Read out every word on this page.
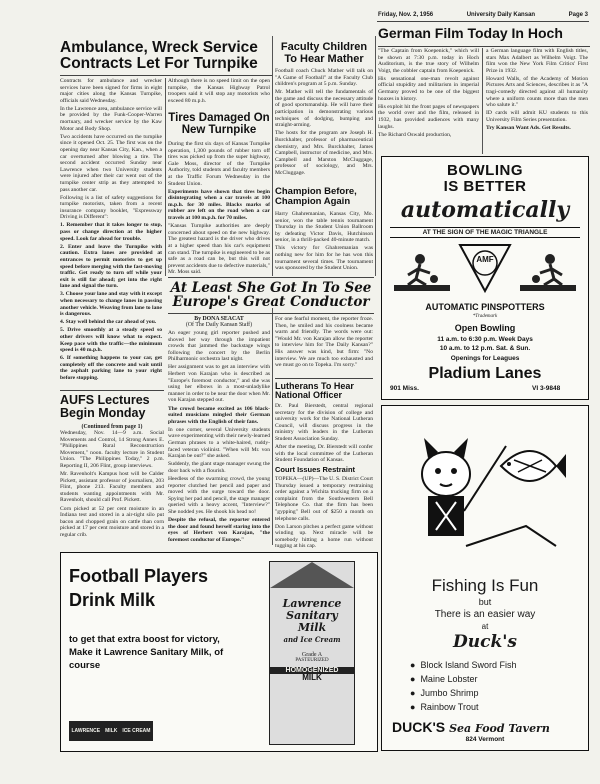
Friday, Nov. 2, 1956	University Daily Kansan	Page 3
Ambulance, Wreck Service Contracts Let For Turnpike

Contracts for ambulance and wrecker services have been signed for firms in eight major cities along the Kansas Turnpike, officials said Wednesday.

In the Lawrence area, ambulance service will be provided by the Funk-Cooper-Warren mortuary, and wrecker service by the Kaw Motor and Body Shop.

Two accidents have occurred on the turnpike since it opened Oct. 25. The first was on the opening day near Kansas City, Kan., when a car overturned after blowing a tire. The second accident occurred Sunday near Lawrence when two University students were injured after their car went out of the turnpike center strip as they attempted to pass another car.

Following is a list of safety suggestions for turnpike motorists, taken from a recent insurance company booklet, "Expressway Driving is Different":

1. Remember that it takes longer to stop, pass or change direction at the higher speed. Look far ahead for trouble.

2. Enter and leave the Turnpike with caution. Extra lanes are provided at entrances to permit motorists to get up speed before merging with the fast-moving traffic. Get ready to turn off while your exit is still far ahead; get into the right lane and signal the turn.

3. Choose your lane and stay with it except when necessary to change lanes in passing another vehicle. Weaving from lane to lane is dangerous.

4. Stay well behind the car ahead of you.

5. Drive smoothly at a steady speed so other drivers will know what to expect. Keep pace with the traffic—the minimum speed is 40 m.p.h.

6. If something happens to your car, get completely off the concrete and wait until the asphalt parking lane to your right before stopping.

Although there is no speed limit on the open turnpike, the Kansas Highway Patrol troopers said it will stop any motorists who exceed 80 m.p.h.

Tires Damaged On New Turnpike

During the first six days of Kansas Turnpike operation, 1,300 pounds of rubber torn off tires was picked up from the super highway, Gale Moss, director of the Turnpike Authority, told students and faculty members at the Traffic Forum Wednesday in the Student Union.

Experiments have shown that tires begin disintegrating when a car travels at 100 m.p.h. for 30 miles. Blacks marks of rubber are left on the road when a car travels at 100 m.p.h. for 70 miles.

"Kansas Turnpike authorities are deeply concerned about speed on the new highway. The greatest hazard is the driver who drives at a higher speed than his car's equipment can stand. The turnpike is engineered to be as safe as a road can be, but this will not prevent accidents due to defective materials," Mr. Moss said.

Faculty Children To Hear Mather

Football coach Chuck Mather will talk on "A Game of Football" at the Faculty Club children's program at 5 p.m. Sunday.

Mr. Mather will tell the fundamentals of the game and discuss the necessary attitude of good sportsmanship. He will have their participation in demonstrating various techniques of dodging, bumping and straight-arming.

The hosts for the program are Joseph H. Burckhalter, professor of pharmaceutical chemistry, and Mrs. Burckhalter, James Campbell, instructor of medicine, and Mrs. Campbell and Marston McCluggage, professor of sociology, and Mrs. McCluggage.

Champion Before, Champion Again

Harry Ghahremanian, Kansas City, Mo. senior, won the table tennis tournament Thursday in the Student Union Ballroom by defeating Victor Davis, Hutchinson senior, in a thrill-packed 40-minute match.

This victory for Ghahremanian was nothing new for him for he has won this tournament several times. The tournament was sponsored by the Student Union.

German Film Today In Hoch

"The Captain from Koepenick," which will be shown at 7:30 p.m. today in Hoch Auditorium, is the true story of Wilhelm Voigt, the cobbler captain from Koepenick.

His sensational one-man revolt against official stupidity and militarism in imperial Germany proved to be one of the biggest hoaxes in history.

His exploit hit the front pages of newspapers the world over and the film, released in 1932, has provided audiences with many laughs.

The Richard Oswald production,

a German language film with English titles, stars Max Adalbert as Wilhelm Voigt. The film won the New York Film Critics' First Prize in 1932.

Howard Walls, of the Academy of Motion Pictures Arts and Sciences, describes it as "A tragi-comedy directed against all humanity where a uniform counts more than the men who salute it."

ID cards will admit KU students to this University Film Series presentation.

Try Kansan Want Ads. Get Results.

BOWLING
IS BETTER
automatically
AT THE SIGN OF THE MAGIC TRIANGLE
AMF
AUTOMATIC PINSPOTTERS
*Trademark
Open Bowling
11 a.m. to 6:30 p.m. Week Days
10 a.m. to 12 p.m. Sat. & Sun.
Openings for Leagues
Pladium Lanes
901 Miss.	VI 3-9848
At Least She Got In To See Europe's Great Conductor
By DONA SEACAT
(Of The Daily Kansan Staff)

An eager young girl reporter pushed and shoved her way through the impatient crowds that jammed the backstage wings following the concert by the Berlin Philharmonic orchestra last night.

Her assignment was to get an interview with Herbert von Karajan who is described as "Europe's foremost conductor," and she was using her elbows in a most-unladylike manner in order to be near the door when Mr. von Karajan stepped out.

The crowd became excited as 106 black-suited musicians mingled their German phrases with the English of their fans.

In one corner, several University students wave experimenting with their newly-learned German phrases to a white-haired, ruddy-faced veteran violinist. "When will Mr. von Karajan be out?" she asked.

Suddenly, the giant stage manager swung the door back with a flourish.

Heedless of the swarming crowd, the young reporter clutched her pencil and paper and moved with the surge toward the door. Spying her pad and pencil, the stage manager queried with a heavy accent, "Interview?" She nodded yes. He shook his head no!

Despite the refusal, the reporter entered the door and found herself staring into the eyes of Herbert von Karajan, "the foremost conductor of Europe."

For one fearful moment, the reporter froze. Then, he smiled and his coolness became warm and friendly. The words were out: "Would Mr. von Karajan allow the reporter to interview him for The Daily Kansan?" His answer was kind, but firm: "No interview. We are much too exhausted and we must go on to Topeka. I'm sorry."

Lutherans To Hear National Officer

Dr. Paul Bierstedt, central regional secretary for the division of college and university work for the National Lutheran Council, will discuss progress in the ministry with leaders in the Lutheran Student Association Sunday.

After the meeting, Dr. Bierstedt will confer with the local committee of the Lutheran Student Foundation of Kansas.

Court Issues Restraint

TOPEKA—(UP)—The U. S. District Court Thursday issued a temporary restraining order against a Wichita trucking firm on a complaint from the Southwestern Bell Telephone Co. that the firm has been "gypping" Bell out of $250 a month on telephone calls.

Don Larson pitches a perfect game without winding up. Next miracle will be somebody hitting a home run without tugging at his cap.

AUFS Lectures Begin Monday
(Continued from page 1)

Wednesday, Nov. 14—9 a.m. Social Movements and Control, 14 Strong Annex E. "Philippines Rural Reconstruction Movement," noon. faculty lecture in Student Union. "The Philippines Today," 2 p.m. Reporting II, 206 Flint, group interviews.

Mr. Ravenholt's Kampus host will be Calder Pickett, assistant professor of journalism, 203 Flint, phone 213. Faculty members and students wanting appointments with Mr. Ravenholt, should call Prof. Pickett.

Corn picked at 52 per cent moisture in an Indiana test and stored in a air-tight silo put bacon and chopped grain on cattle than corn picked at 17 per cent moisture and stored in a regular crib.

Fishing Is Fun
but
There is an easier way
at
Duck's
● Block Island Sword Fish
● Maine Lobster
● Jumbo Shrimp
● Rainbow Trout
DUCK'S Sea Food Tavern
824 Vermont
Football Players
Drink Milk
to get that extra boost for victory, Make it Lawrence Sanitary Milk, of course
LAWRENCE MILK ICE CREAM
Lawrence
Sanitary
Milk
and Ice Cream
Grade A
PASTEURIZED
HOMOGENIZED
MILK
